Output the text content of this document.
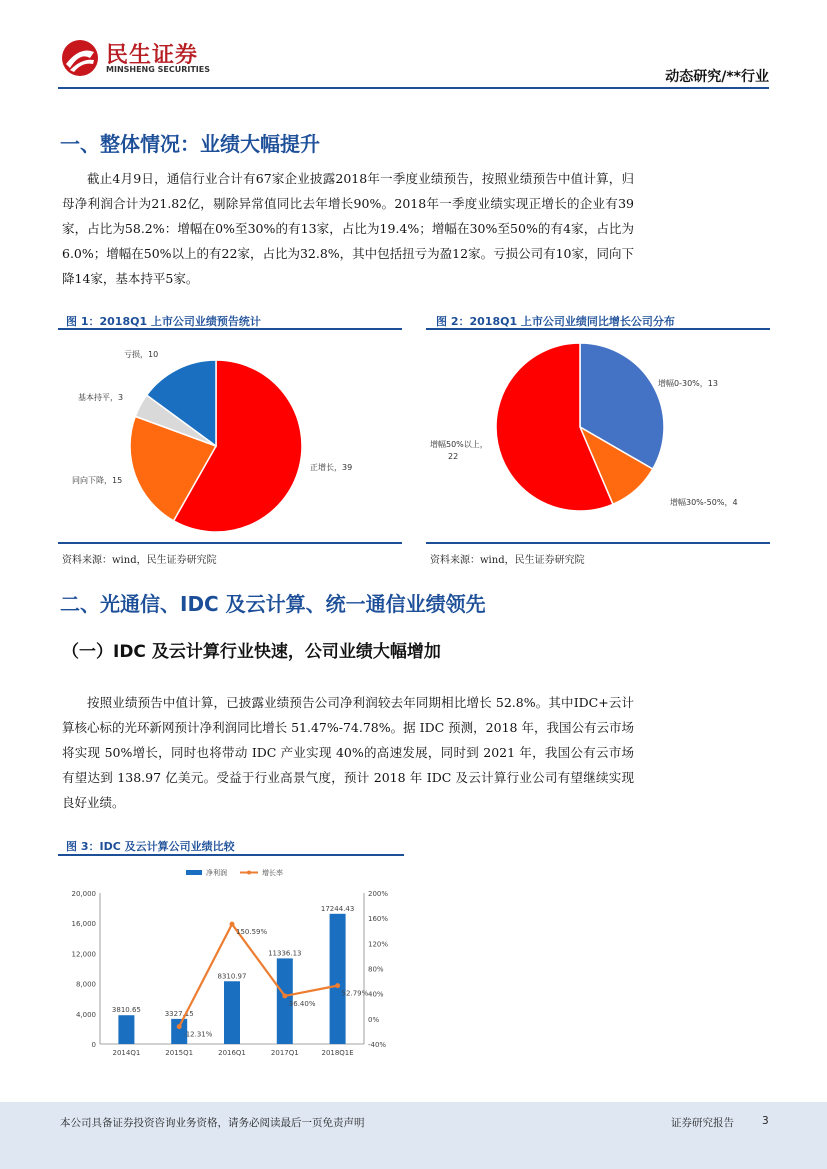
民生证券
MINSHENG SECURITIES	动态研究/**行业
一、整体情况：业绩大幅提升
截止4月9日，通信行业合计有67家企业披露2018年一季度业绩预告，按照业绩预告中值计算，归母净利润合计为21.82亿，剔除异常值同比去年增长90%。2018年一季度业绩实现正增长的企业有39家，占比为58.2%：增幅在0%至30%的有13家，占比为19.4%；增幅在30%至50%的有4家，占比为6.0%；增幅在50%以上的有22家，占比为32.8%，其中包括扭亏为盈12家。亏损公司有10家，同向下降14家，基本持平5家。
图 1：2018Q1 上市公司业绩预告统计
正增长，39
同向下降，15
基本持平，3
亏损，10
资料来源：wind，民生证券研究院
图 2：2018Q1 上市公司业绩同比增长公司分布
增幅0-30%，13
增幅30%-50%，4
增幅50%以上， 22
资料来源：wind，民生证券研究院
二、光通信、IDC 及云计算、统一通信业绩领先
（一）IDC 及云计算行业快速，公司业绩大幅增加
按照业绩预告中值计算，已披露业绩预告公司净利润较去年同期相比增长 52.8%。其中IDC+云计算核心标的光环新网预计净利润同比增长 51.47%-74.78%。据 IDC 预测，2018 年，我国公有云市场将实现 50%增长，同时也将带动 IDC 产业实现 40%的高速发展，同时到 2021 年，我国公有云市场有望达到 138.97 亿美元。受益于行业高景气度，预计 2018 年 IDC 及云计算行业公司有望继续实现良好业绩。
图 3：IDC 及云计算公司业绩比较
0
4,000
8,000
12,000
16,000
20,000
-40%
0%
40%
80%
120%
160%
200%
3810.65
2014Q1
3327.15
2015Q1
8310.97
2016Q1
11336.13
2017Q1
17244.43
2018Q1E
-12.31%
150.59%
36.40%
52.79%
净利润	增长率
本公司具备证券投资咨询业务资格，请务必阅读最后一页免责声明	证券研究报告	3
